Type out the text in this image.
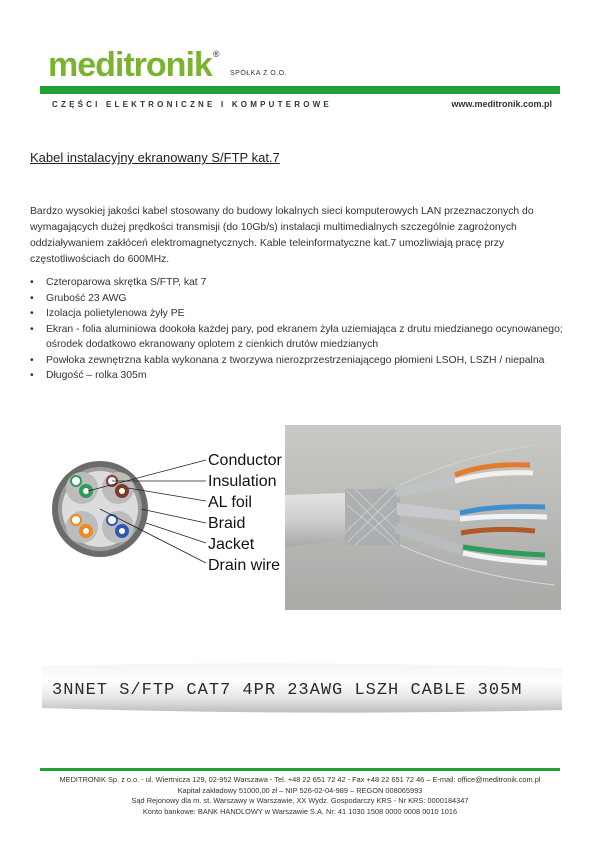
meditronik®
SPÓŁKA Z O.O.
CZĘŚCI ELEKTRONICZNE I KOMPUTEROWE	www.meditronik.com.pl
Kabel instalacyjny ekranowany S/FTP kat.7

Bardzo wysokiej jakości kabel stosowany do budowy lokalnych sieci komputerowych LAN przeznaczonych do wymagających dużej prędkości transmisji (do 10Gb/s) instalacji multimedialnych szczególnie zagrożonych oddziaływaniem zakłóceń elektromagnetycznych. Kable teleinformatyczne kat.7 umozliwiają pracę przy częstotliwościach do 600MHz.

• Czteroparowa skrętka S/FTP, kat 7
• Grubość 23 AWG
• Izolacja polietylenowa żyły PE
• Ekran - folia aluminiowa dookoła każdej pary, pod ekranem żyła uziemiająca z drutu miedzianego ocynowanego; ośrodek dodatkowo ekranowany oplotem z cienkich drutów miedzianych
• Powłoka zewnętrzna kabla wykonana z tworzywa nierozprzestrzeniającego płomieni LSOH, LSZH / niepalna
• Długość – rolka 305m
Conductor
Insulation
AL foil
Braid
Jacket
Drain wire
3NNET S/FTP CAT7 4PR 23AWG LSZH CABLE 305M
MEDITRONIK Sp. z o.o. - ul. Wiertnicza 129, 02-952 Warszawa - Tel. +48 22 651 72 42 - Fax +48 22 651 72 46 – E-mail: office@meditronik.com.pl
Kapitał zakładowy 51000,00 zł – NIP 526-02-04-989 – REGON 008065993
Sąd Rejonowy dla m. st. Warszawy w Warszawie, XX Wydz. Gospodarczy KRS - Nr KRS: 0000184347
Konto bankowe: BANK HANDLOWY w Warszawie S.A. Nr: 41 1030 1508 0000 0008 0010 1016
